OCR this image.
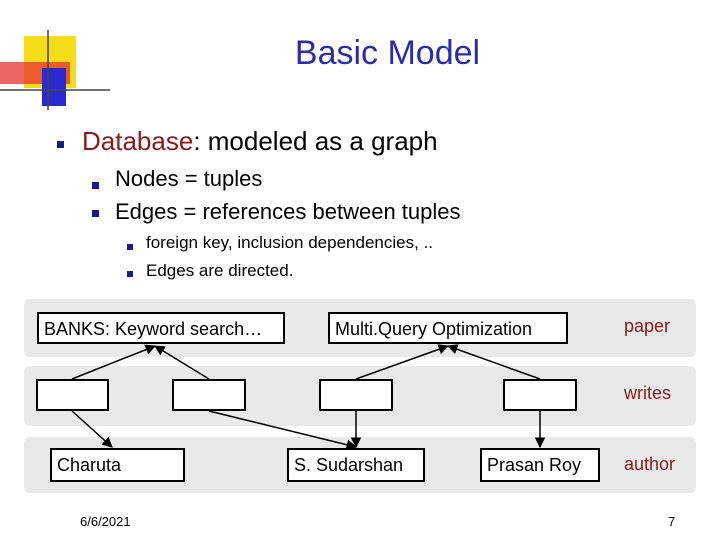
Basic Model
Database: modeled as a graph
Nodes = tuples
Edges = references between tuples
foreign key, inclusion dependencies, ..
Edges are directed.
BANKS: Keyword search…	Multi.Query Optimization
Charuta	S. Sudarshan	Prasan Roy
paper
writes
author
6/6/2021	7
